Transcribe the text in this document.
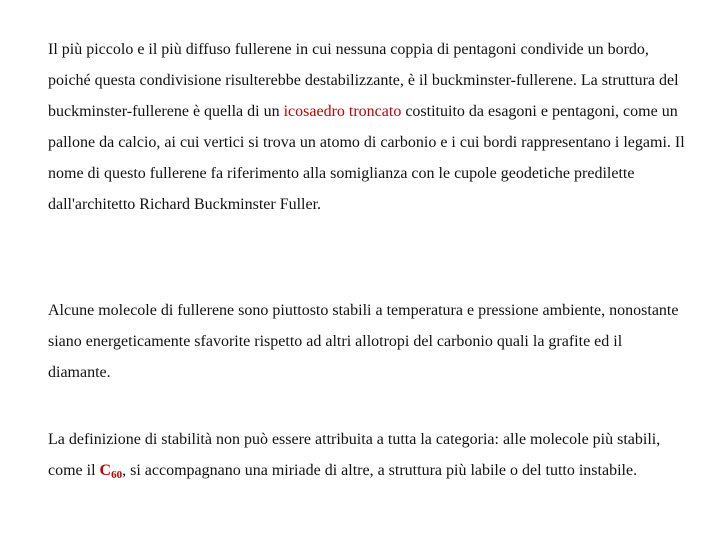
Il più piccolo e il più diffuso fullerene in cui nessuna coppia di pentagoni condivide un bordo, poiché questa condivisione risulterebbe destabilizzante, è il buckminster-fullerene. La struttura del buckminster-fullerene è quella di un icosaedro troncato costituito da esagoni e pentagoni, come un pallone da calcio, ai cui vertici si trova un atomo di carbonio e i cui bordi rappresentano i legami. Il nome di questo fullerene fa riferimento alla somiglianza con le cupole geodetiche predilette dall'architetto Richard Buckminster Fuller.

Alcune molecole di fullerene sono piuttosto stabili a temperatura e pressione ambiente, nonostante siano energeticamente sfavorite rispetto ad altri allotropi del carbonio quali la grafite ed il diamante.

La definizione di stabilità non può essere attribuita a tutta la categoria: alle molecole più stabili, come il $C_{60}$, si accompagnano una miriade di altre, a struttura più labile o del tutto instabile.
